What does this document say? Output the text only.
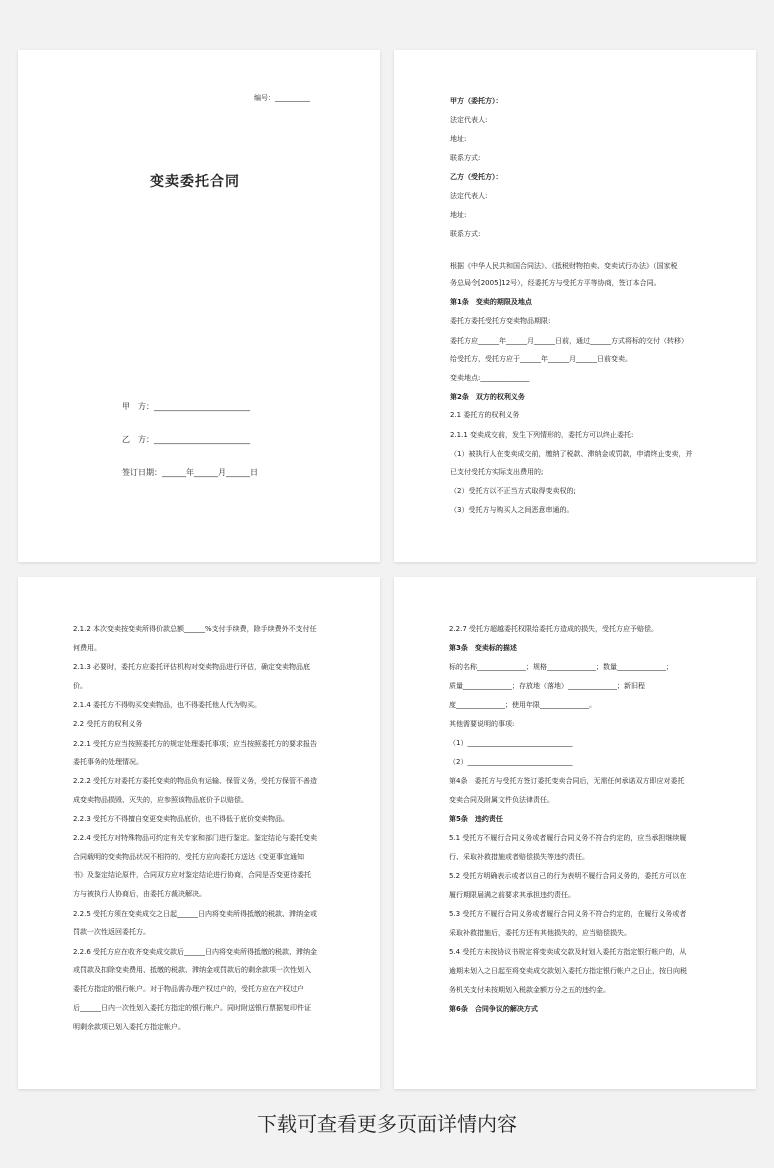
编号：__________
变卖委托合同
甲　方：________________________
乙　方：________________________
签订日期：______年______月______日
甲方（委托方）：
法定代表人:
地址:
联系方式:
乙方（受托方）：
法定代表人:
地址:
联系方式:
根据《中华人民共和国合同法》、《抵税财物拍卖、变卖试行办法》（国家税
务总局令[2005]12号），经委托方与受托方平等协商，签订本合同。
第1条　变卖的期限及地点
委托方委托受托方变卖物品期限:
委托方应______年______月______日前，通过______方式将标的交付（转移）
给受托方，受托方应于______年______月______日前变卖。
变卖地点:______________
第2条　双方的权利义务
2.1 委托方的权利义务
2.1.1 变卖成交前，发生下列情形的，委托方可以终止委托:
（1）被执行人在变卖成交前，缴纳了税款、滞纳金或罚款，申请终止变卖，并
已支付受托方实际支出费用的;
（2）受托方以不正当方式取得变卖权的;
（3）受托方与购买人之间恶意串通的。
2.1.2 本次变卖按变卖所得价款总额______%支付手续费，除手续费外不支付任
何费用。
2.1.3 必要时，委托方应委托评估机构对变卖物品进行评估，确定变卖物品底
价。
2.1.4 委托方不得购买变卖物品，也不得委托他人代为购买。
2.2 受托方的权利义务
2.2.1 受托方应当按照委托方的规定处理委托事项；应当按照委托方的要求报告
委托事务的处理情况。
2.2.2 受托方对委托方委托变卖的物品负有运输、保管义务，受托方保管不善造
成变卖物品损毁、灭失的，应参照该物品底价予以赔偿。
2.2.3 受托方不得擅自变更变卖物品底价，也不得低于底价变卖物品。
2.2.4 受托方对特殊物品可约定有关专家和部门进行鉴定。鉴定结论与委托变卖
合同载明的变卖物品状况不相符的，受托方应向委托方送达《变更事宜通知
书》及鉴定结论原件，合同双方应对鉴定结论进行协商，合同是否变更待委托
方与被执行人协商后，由委托方裁决解决。
2.2.5 受托方须在变卖成交之日起______日内将变卖所得抵缴的税款、滞纳金或
罚款一次性返回委托方。
2.2.6 受托方应在收齐变卖成交款后______日内将变卖所得抵缴的税款、滞纳金
或罚款及扣除变卖费用、抵缴的税款、滞纳金或罚款后的剩余款项一次性划入
委托方指定的银行帐户。对于物品需办理产权过户的，受托方应在产权过户
后______日内一次性划入委托方指定的银行帐户。同时附送银行票据复印件证
明剩余款项已划入委托方指定帐户。
2.2.7 受托方超越委托权限给委托方造成的损失，受托方应予赔偿。
第3条　变卖标的描述
标的名称______________；规格______________；数量______________；
质量______________；存放地（落地）______________；新旧程
度______________；使用年限______________。
其他需要说明的事项:
（1）______________________________
（2）______________________________
第4条　委托方与受托方签订委托变卖合同后，无需任何承诺双方即应对委托
变卖合同及附属文件负法律责任。
第5条　违约责任
5.1 受托方不履行合同义务或者履行合同义务不符合约定的，应当承担继续履
行、采取补救措施或者赔偿损失等违约责任。
5.2 受托方明确表示或者以自己的行为表明不履行合同义务的，委托方可以在
履行期限届满之前要求其承担违约责任。
5.3 受托方不履行合同义务或者履行合同义务不符合约定的，在履行义务或者
采取补救措施后，委托方还有其他损失的，应当赔偿损失。
5.4 受托方未按协议书规定将变卖成交款及时划入委托方指定银行帐户的，从
逾期未划入之日起至将变卖成交款划入委托方指定银行帐户之日止，按日向税
务机关支付未按期划入税款金额万分之五的违约金。
第6条　合同争议的解决方式
下载可查看更多页面详情内容
